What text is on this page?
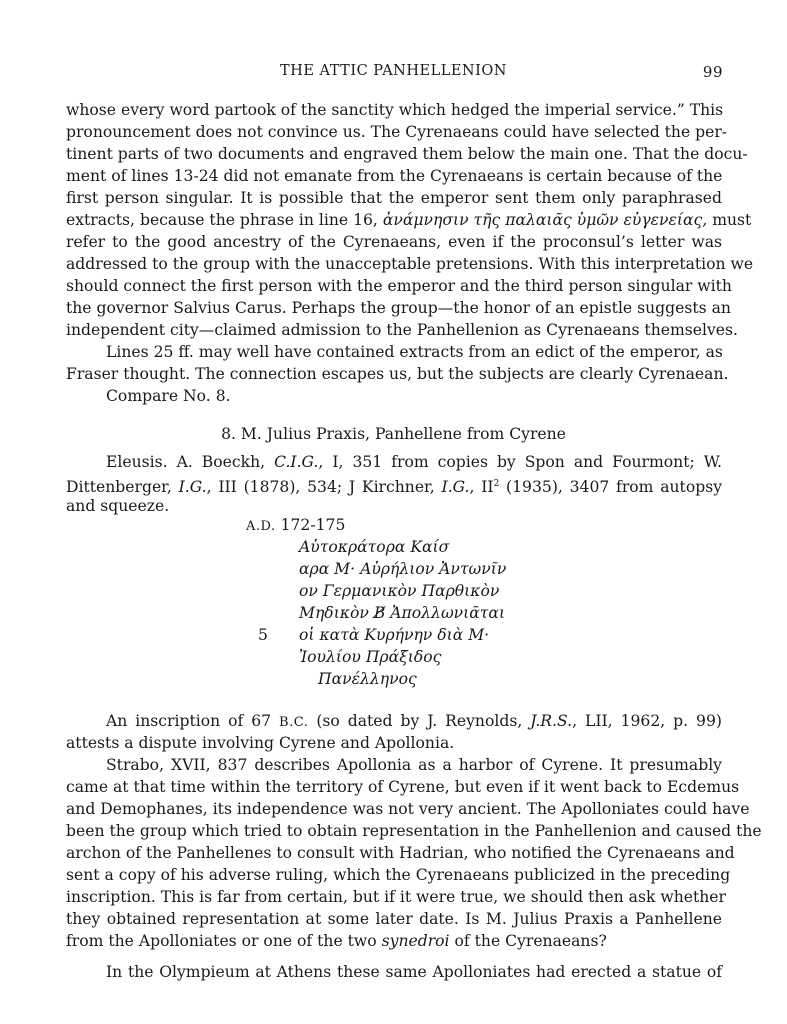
THE ATTIC PANHELLENION	99
whose every word partook of the sanctity which hedged the imperial service.” This
pronouncement does not convince us. The Cyrenaeans could have selected the per-
tinent parts of two documents and engraved them below the main one. That the docu-
ment of lines 13-24 did not emanate from the Cyrenaeans is certain because of the
first person singular. It is possible that the emperor sent them only paraphrased
extracts, because the phrase in line 16, ἀνάμνησιν τῆς παλαιᾶς ὑμῶν εὐγενείας, must
refer to the good ancestry of the Cyrenaeans, even if the proconsul’s letter was
addressed to the group with the unacceptable pretensions. With this interpretation we
should connect the first person with the emperor and the third person singular with
the governor Salvius Carus. Perhaps the group—the honor of an epistle suggests an
independent city—claimed admission to the Panhellenion as Cyrenaeans themselves.
Lines 25 ff. may well have contained extracts from an edict of the emperor, as
Fraser thought. The connection escapes us, but the subjects are clearly Cyrenaean.
Compare No. 8.
8. M. Julius Praxis, Panhellene from Cyrene
Eleusis. A. Boeckh, C.I.G., I, 351 from copies by Spon and Fourmont; W.
Dittenberger, I.G., III (1878), 534; J Kirchner, I.G., $II^2$ (1935), 3407 from autopsy
and squeeze.
A.D. 172-175
Αὐτοκράτορα Καίσ
αρα Μ· Αὐρήλιον Ἀντωνῖν
ον Γερμανικὸν Παρθικὸν
Μηδικὸν Β̸ Ἀπολλωνιᾶται
5 οἱ κατὰ Κυρήνην διὰ Μ·
Ἰουλίου Πράξιδος
Πανέλληνος
An inscription of 67 B.C. (so dated by J. Reynolds, J.R.S., LII, 1962, p. 99)
attests a dispute involving Cyrene and Apollonia.
Strabo, XVII, 837 describes Apollonia as a harbor of Cyrene. It presumably
came at that time within the territory of Cyrene, but even if it went back to Ecdemus
and Demophanes, its independence was not very ancient. The Apolloniates could have
been the group which tried to obtain representation in the Panhellenion and caused the
archon of the Panhellenes to consult with Hadrian, who notified the Cyrenaeans and
sent a copy of his adverse ruling, which the Cyrenaeans publicized in the preceding
inscription. This is far from certain, but if it were true, we should then ask whether
they obtained representation at some later date. Is M. Julius Praxis a Panhellene
from the Apolloniates or one of the two synedroi of the Cyrenaeans?
In the Olympieum at Athens these same Apolloniates had erected a statue of
